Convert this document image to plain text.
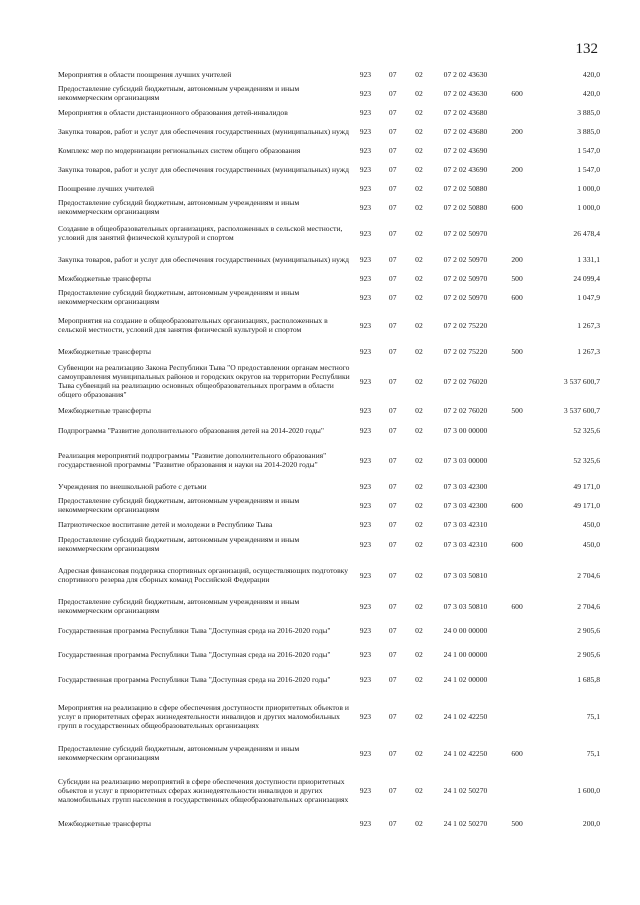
132
Мероприятия в области поощрения лучших учителей	923	07	02	07 2 02 43630		420,0
Предоставление субсидий бюджетным, автономным учреждениям и иным некоммерческим организациям	923	07	02	07 2 02 43630	600	420,0
Мероприятия в области дистанционного образования детей-инвалидов	923	07	02	07 2 02 43680		3 885,0
Закупка товаров, работ и услуг для обеспечения государственных (муниципальных) нужд	923	07	02	07 2 02 43680	200	3 885,0
Комплекс мер по модернизации региональных систем общего образования	923	07	02	07 2 02 43690		1 547,0
Закупка товаров, работ и услуг для обеспечения государственных (муниципальных) нужд	923	07	02	07 2 02 43690	200	1 547,0
Поощрение лучших учителей	923	07	02	07 2 02 50880		1 000,0
Предоставление субсидий бюджетным, автономным учреждениям и иным некоммерческим организациям	923	07	02	07 2 02 50880	600	1 000,0
Создание в общеобразовательных организациях, расположенных в сельской местности, условий для занятий физической культурой и спортом	923	07	02	07 2 02 50970		26 478,4
Закупка товаров, работ и услуг для обеспечения государственных (муниципальных) нужд	923	07	02	07 2 02 50970	200	1 331,1
Межбюджетные трансферты	923	07	02	07 2 02 50970	500	24 099,4
Предоставление субсидий бюджетным, автономным учреждениям и иным некоммерческим организациям	923	07	02	07 2 02 50970	600	1 047,9
Мероприятия на создание в общеобразовательных организациях, расположенных в сельской местности, условий для занятия физической культурой и спортом	923	07	02	07 2 02 75220		1 267,3
Межбюджетные трансферты	923	07	02	07 2 02 75220	500	1 267,3
Субвенции на реализацию Закона Республики Тыва "О предоставлении органам местного самоуправления муниципальных районов и городских округов на территории Республики Тыва субвенций на реализацию основных общеобразовательных программ в области общего образования"	923	07	02	07 2 02 76020		3 537 600,7
Межбюджетные трансферты	923	07	02	07 2 02 76020	500	3 537 600,7
Подпрограмма "Развитие дополнительного образования детей на 2014-2020 годы"	923	07	02	07 3 00 00000		52 325,6
Реализация мероприятий подпрограммы "Развитие дополнительного образования" государственной программы "Развитие образования и науки на 2014-2020 годы"	923	07	02	07 3 03 00000		52 325,6
Учреждения по внешкольной работе с детьми	923	07	02	07 3 03 42300		49 171,0
Предоставление субсидий бюджетным, автономным учреждениям и иным некоммерческим организациям	923	07	02	07 3 03 42300	600	49 171,0
Патриотическое воспитание детей и молодежи в Республике Тыва	923	07	02	07 3 03 42310		450,0
Предоставление субсидий бюджетным, автономным учреждениям и иным некоммерческим организациям	923	07	02	07 3 03 42310	600	450,0
Адресная финансовая поддержка спортивных организаций, осуществляющих подготовку спортивного резерва для сборных команд Российской Федерации	923	07	02	07 3 03 50810		2 704,6
Предоставление субсидий бюджетным, автономным учреждениям и иным некоммерческим организациям	923	07	02	07 3 03 50810	600	2 704,6
Государственная программа Республики Тыва "Доступная среда на 2016-2020 годы"	923	07	02	24 0 00 00000		2 905,6
Государственная программа Республики Тыва "Доступная среда на 2016-2020 годы"	923	07	02	24 1 00 00000		2 905,6
Государственная программа Республики Тыва "Доступная среда на 2016-2020 годы"	923	07	02	24 1 02 00000		1 685,8
Мероприятия на реализацию в сфере обеспечения доступности приоритетных объектов и услуг в приоритетных сферах жизнедеятельности инвалидов и других маломобильных групп в государственных общеобразовательных организациях	923	07	02	24 1 02 42250		75,1
Предоставление субсидий бюджетным, автономным учреждениям и иным некоммерческим организациям	923	07	02	24 1 02 42250	600	75,1
Субсидии на реализацию мероприятий в сфере обеспечения доступности приоритетных объектов и услуг в приоритетных сферах жизнедеятельности инвалидов и других маломобильных групп населения в государственных общеобразовательных организациях	923	07	02	24 1 02 50270		1 600,0
Межбюджетные трансферты	923	07	02	24 1 02 50270	500	200,0
